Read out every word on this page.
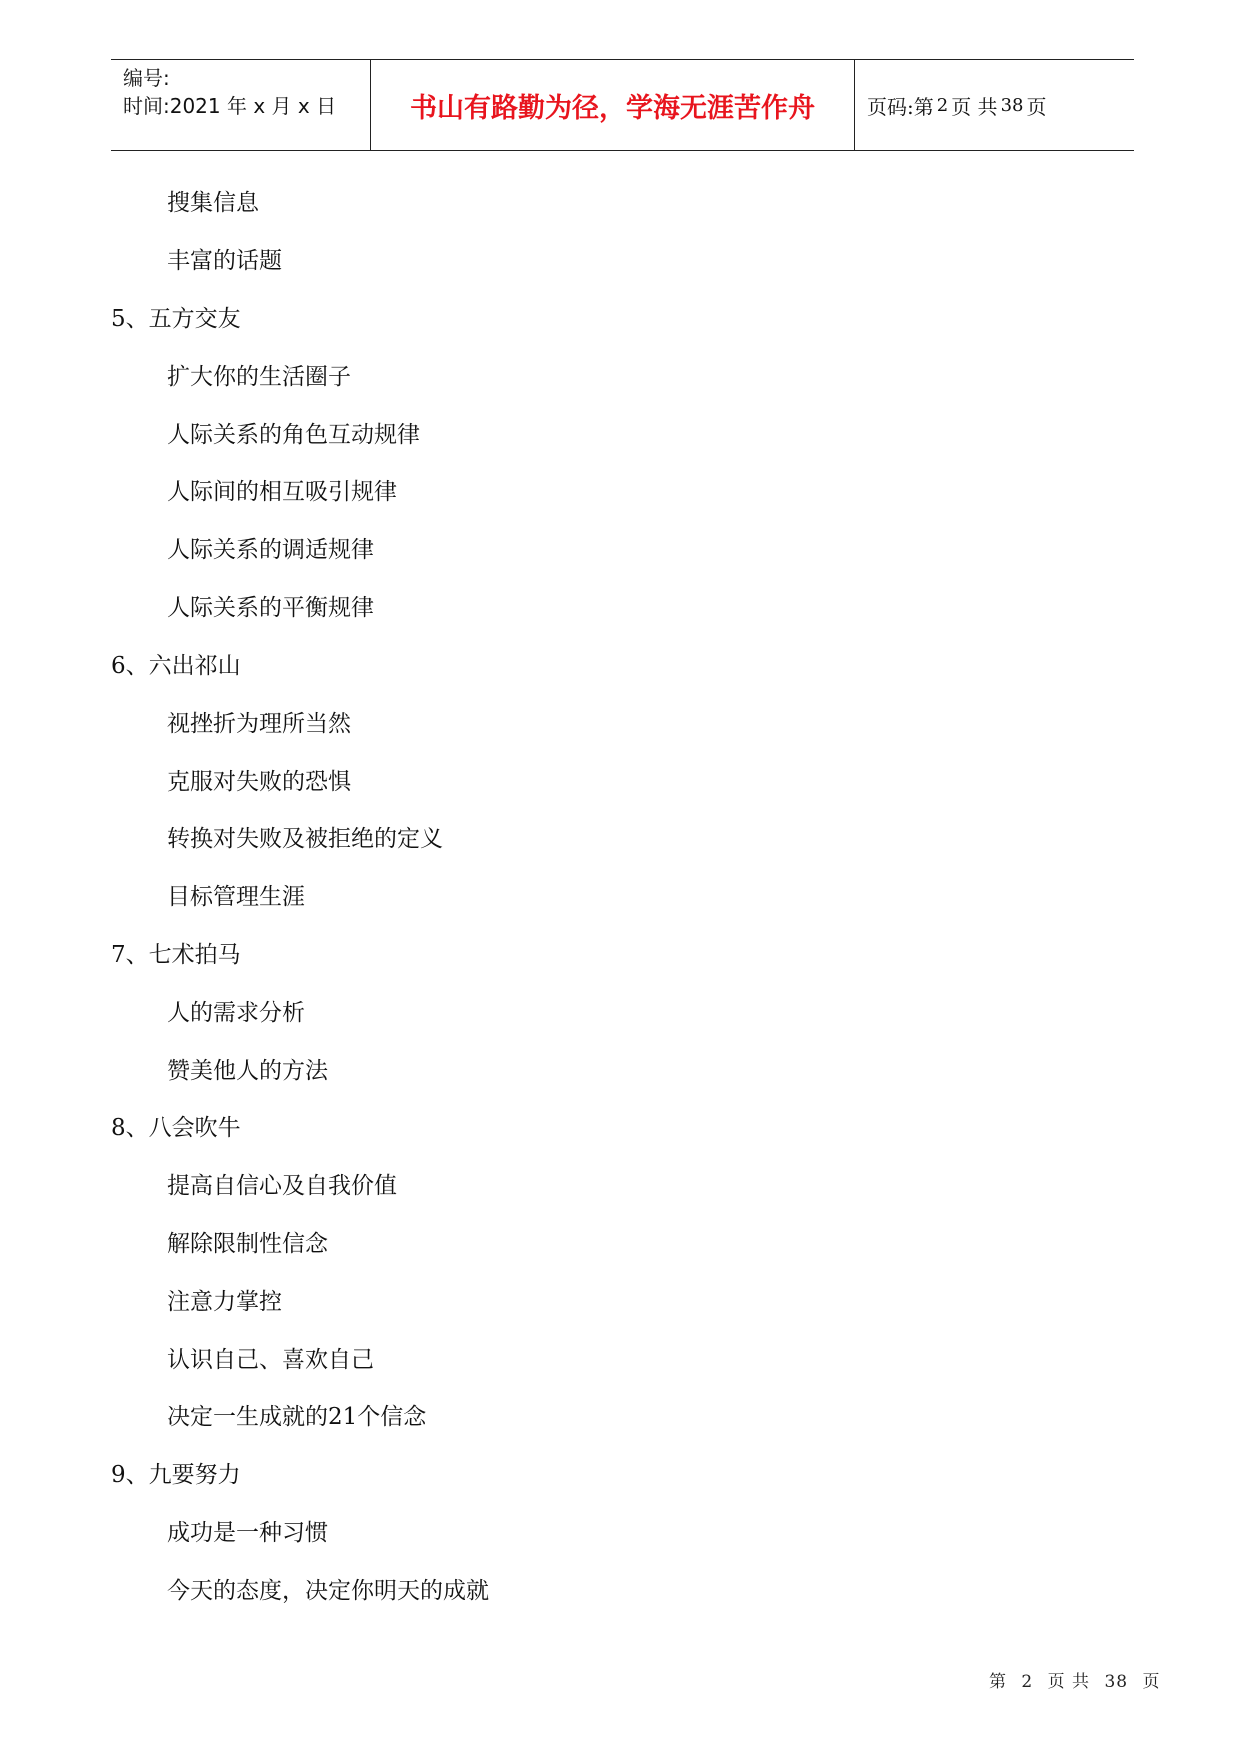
编号:
时间:2021 年 x 月 x 日	书山有路勤为径，学海无涯苦作舟	页码:第 2 页 共 38 页
搜集信息
丰富的话题
5、五方交友
扩大你的生活圈子
人际关系的角色互动规律
人际间的相互吸引规律
人际关系的调适规律
人际关系的平衡规律
6、六出祁山
视挫折为理所当然
克服对失败的恐惧
转换对失败及被拒绝的定义
目标管理生涯
7、七术拍马
人的需求分析
赞美他人的方法
8、八会吹牛
提高自信心及自我价值
解除限制性信念
注意力掌控
认识自己、喜欢自己
决定一生成就的21个信念
9、九要努力
成功是一种习惯
今天的态度，决定你明天的成就
第 2 页 共 38 页
